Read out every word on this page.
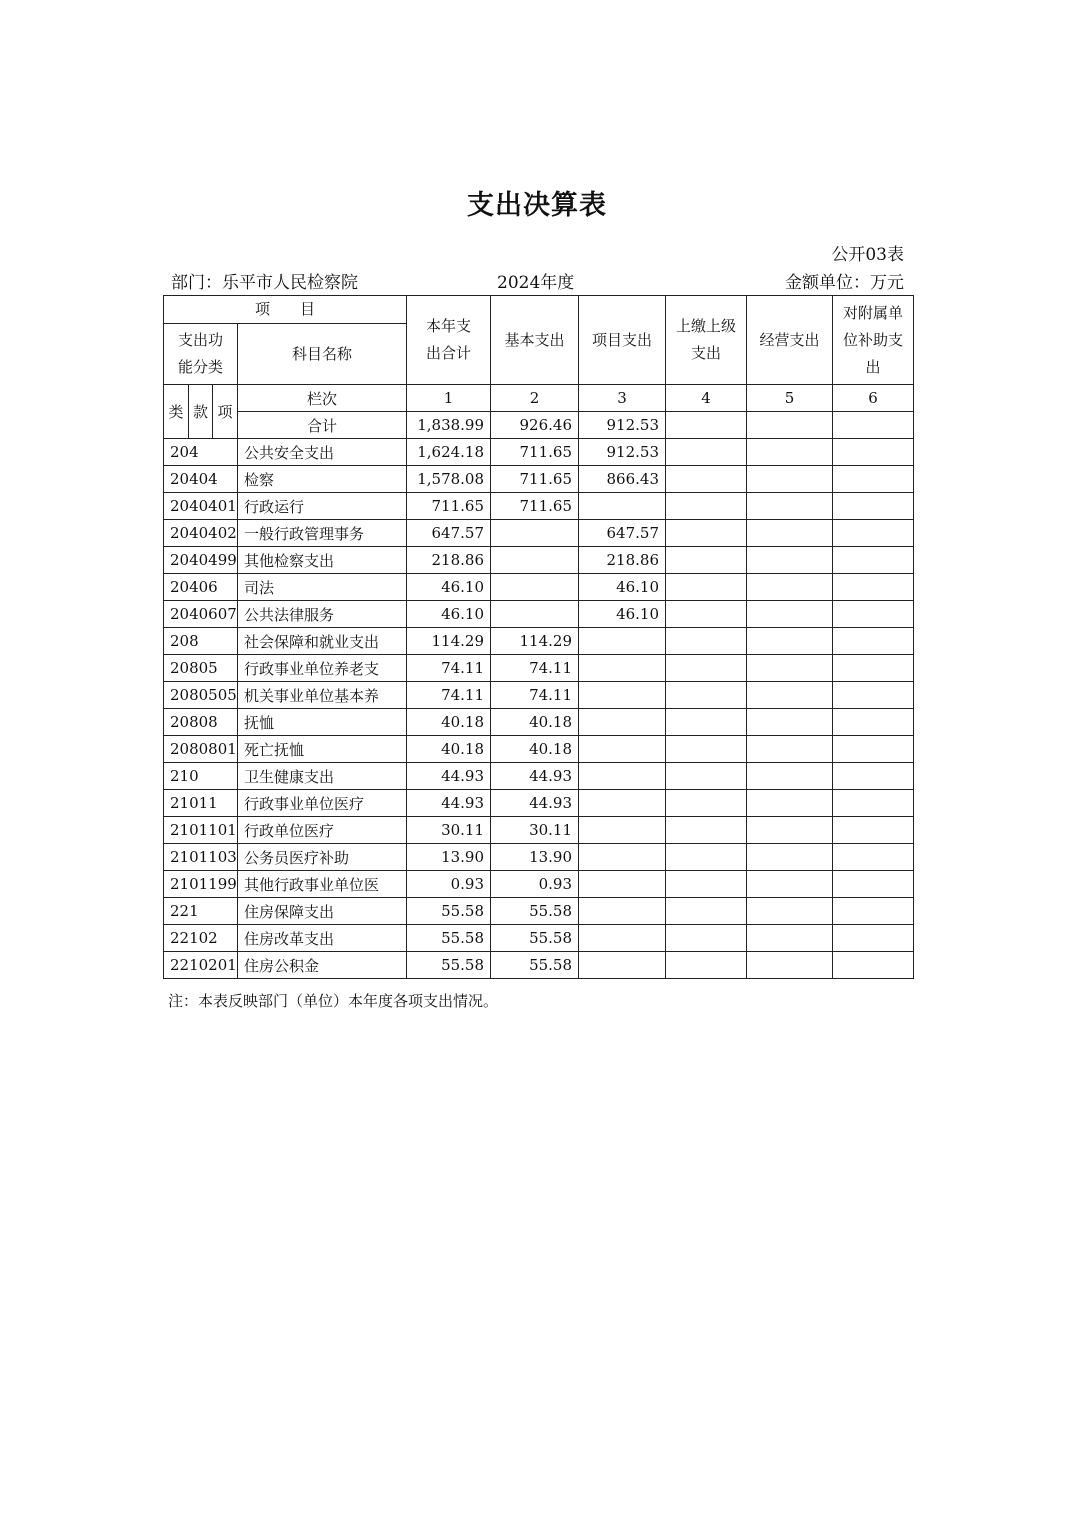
支出决算表
公开03表
部门：乐平市人民检察院	2024年度	金额单位：万元
项　　目				本年支出合计	基本支出	项目支出	上缴上级支出	经营支出	对附属单位补助支出
支出功能分类			科目名称						
类	款	项	栏次	1	2	3	4	5	6
			合计	1,838.99	926.46	912.53			
204			公共安全支出	1,624.18	711.65	912.53			
20404			检察	1,578.08	711.65	866.43			
2040401			行政运行	711.65	711.65				
2040402			一般行政管理事务	647.57		647.57			
2040499			其他检察支出	218.86		218.86			
20406			司法	46.10		46.10			
2040607			公共法律服务	46.10		46.10			
208			社会保障和就业支出	114.29	114.29				
20805			行政事业单位养老支	74.11	74.11				
2080505			机关事业单位基本养	74.11	74.11				
20808			抚恤	40.18	40.18				
2080801			死亡抚恤	40.18	40.18				
210			卫生健康支出	44.93	44.93				
21011			行政事业单位医疗	44.93	44.93				
2101101			行政单位医疗	30.11	30.11				
2101103			公务员医疗补助	13.90	13.90				
2101199			其他行政事业单位医	0.93	0.93				
221			住房保障支出	55.58	55.58				
22102			住房改革支出	55.58	55.58				
2210201			住房公积金	55.58	55.58				
注：本表反映部门（单位）本年度各项支出情况。
